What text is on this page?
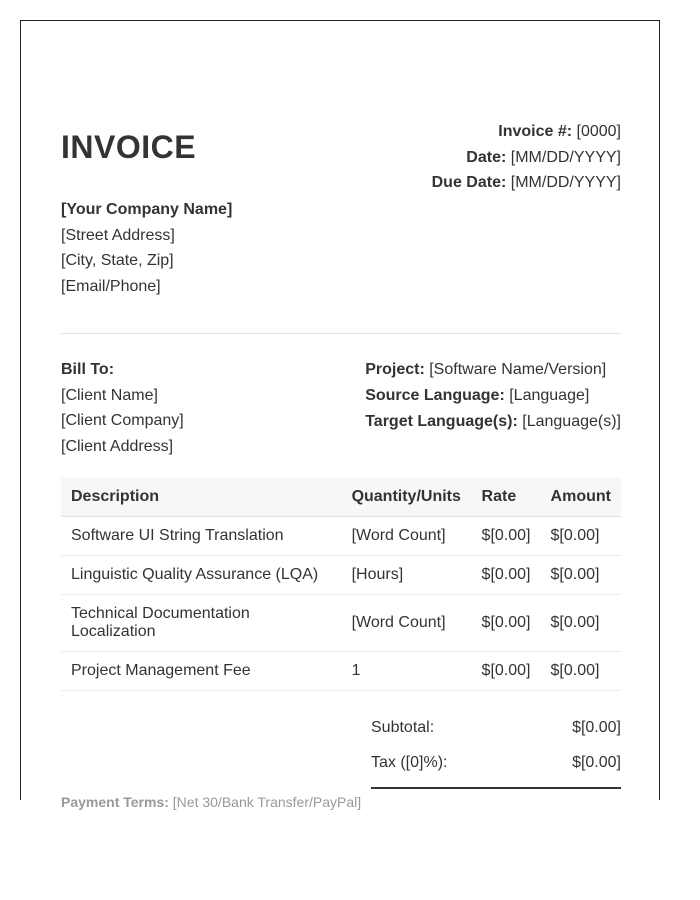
INVOICE	Invoice #: [0000]
Date: [MM/DD/YYYY]
Due Date: [MM/DD/YYYY]
[Your Company Name]
[Street Address]
[City, State, Zip]
[Email/Phone]
Bill To:
[Client Name]
[Client Company]
[Client Address]
Project: [Software Name/Version]
Source Language: [Language]
Target Language(s): [Language(s)]
Description	Quantity/Units	Rate	Amount
Software UI String Translation	[Word Count]	$[0.00]	$[0.00]
Linguistic Quality Assurance (LQA)	[Hours]	$[0.00]	$[0.00]
Technical Documentation Localization	[Word Count]	$[0.00]	$[0.00]
Project Management Fee	1	$[0.00]	$[0.00]
Subtotal:	$[0.00]
Tax ([0]%):	$[0.00]
Payment Terms: [Net 30/Bank Transfer/PayPal]
